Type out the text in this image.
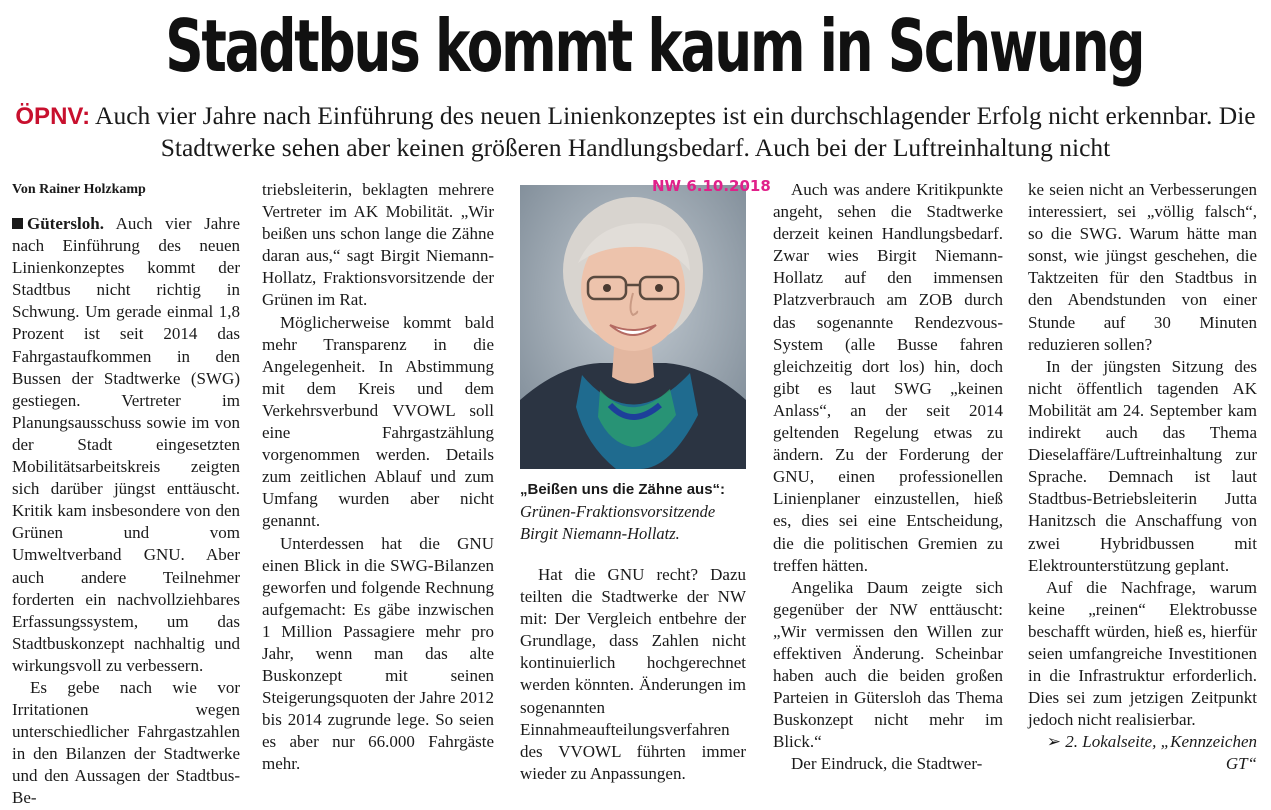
Stadtbus kommt kaum in Schwung
ÖPNV: Auch vier Jahre nach Einführung des neuen Linienkonzeptes ist ein durchschlagender Erfolg nicht erkennbar. Die Stadtwerke sehen aber keinen größeren Handlungsbedarf. Auch bei der Luftreinhaltung nicht

Von Rainer Holzkamp

Gütersloh. Auch vier Jahre nach Einführung des neuen Linienkonzeptes kommt der Stadtbus nicht richtig in Schwung. Um gerade einmal 1,8 Prozent ist seit 2014 das Fahrgastaufkommen in den Bussen der Stadtwerke (SWG) gestiegen. Vertreter im Planungsausschuss sowie im von der Stadt eingesetzten Mobilitätsarbeitskreis zeigten sich darüber jüngst enttäuscht. Kritik kam insbesondere von den Grünen und vom Umweltverband GNU. Aber auch andere Teilnehmer forderten ein nachvollziehbares Erfassungssystem, um das Stadtbuskonzept nachhaltig und wirkungsvoll zu verbessern.

Es gebe nach wie vor Irritationen wegen unterschiedlicher Fahrgastzahlen in den Bilanzen der Stadtwerke und den Aussagen der Stadtbus-Be-

triebsleiterin, beklagten mehrere Vertreter im AK Mobilität. „Wir beißen uns schon lange die Zähne daran aus,“ sagt Birgit Niemann-Hollatz, Fraktionsvorsitzende der Grünen im Rat.

Möglicherweise kommt bald mehr Transparenz in die Angelegenheit. In Abstimmung mit dem Kreis und dem Verkehrsverbund VVOWL soll eine Fahrgastzählung vorgenommen werden. Details zum zeitlichen Ablauf und zum Umfang wurden aber nicht genannt.

Unterdessen hat die GNU einen Blick in die SWG-Bilanzen geworfen und folgende Rechnung aufgemacht: Es gäbe inzwischen 1 Million Passagiere mehr pro Jahr, wenn man das alte Buskonzept mit seinen Steigerungsquoten der Jahre 2012 bis 2014 zugrunde lege. So seien es aber nur 66.000 Fahrgäste mehr.

NW 6.10.2018
„Beißen uns die Zähne aus“: Grünen-Fraktionsvorsitzende Birgit Niemann-Hollatz.

Hat die GNU recht? Dazu teilten die Stadtwerke der NW mit: Der Vergleich entbehre der Grundlage, dass Zahlen nicht kontinuierlich hochgerechnet werden könnten. Änderungen im sogenannten Einnahmeaufteilungsverfahren des VVOWL führten immer wieder zu Anpassungen.

Auch was andere Kritikpunkte angeht, sehen die Stadtwerke derzeit keinen Handlungsbedarf. Zwar wies Birgit Niemann-Hollatz auf den immensen Platzverbrauch am ZOB durch das sogenannte Rendezvous-System (alle Busse fahren gleichzeitig dort los) hin, doch gibt es laut SWG „keinen Anlass“, an der seit 2014 geltenden Regelung etwas zu ändern. Zu der Forderung der GNU, einen professionellen Linienplaner einzustellen, hieß es, dies sei eine Entscheidung, die die politischen Gremien zu treffen hätten.

Angelika Daum zeigte sich gegenüber der NW enttäuscht: „Wir vermissen den Willen zur effektiven Änderung. Scheinbar haben auch die beiden großen Parteien in Gütersloh das Thema Buskonzept nicht mehr im Blick.“

Der Eindruck, die Stadtwer-

ke seien nicht an Verbesserungen interessiert, sei „völlig falsch“, so die SWG. Warum hätte man sonst, wie jüngst geschehen, die Taktzeiten für den Stadtbus in den Abendstunden von einer Stunde auf 30 Minuten reduzieren sollen?

In der jüngsten Sitzung des nicht öffentlich tagenden AK Mobilität am 24. September kam indirekt auch das Thema Dieselaffäre/Luftreinhaltung zur Sprache. Demnach ist laut Stadtbus-Betriebsleiterin Jutta Hanitzsch die Anschaffung von zwei Hybridbussen mit Elektrounterstützung geplant.

Auf die Nachfrage, warum keine „reinen“ Elektrobusse beschafft würden, hieß es, hierfür seien umfangreiche Investitionen in die Infrastruktur erforderlich. Dies sei zum jetzigen Zeitpunkt jedoch nicht realisierbar.

➢ 2. Lokalseite, „Kennzeichen GT“
